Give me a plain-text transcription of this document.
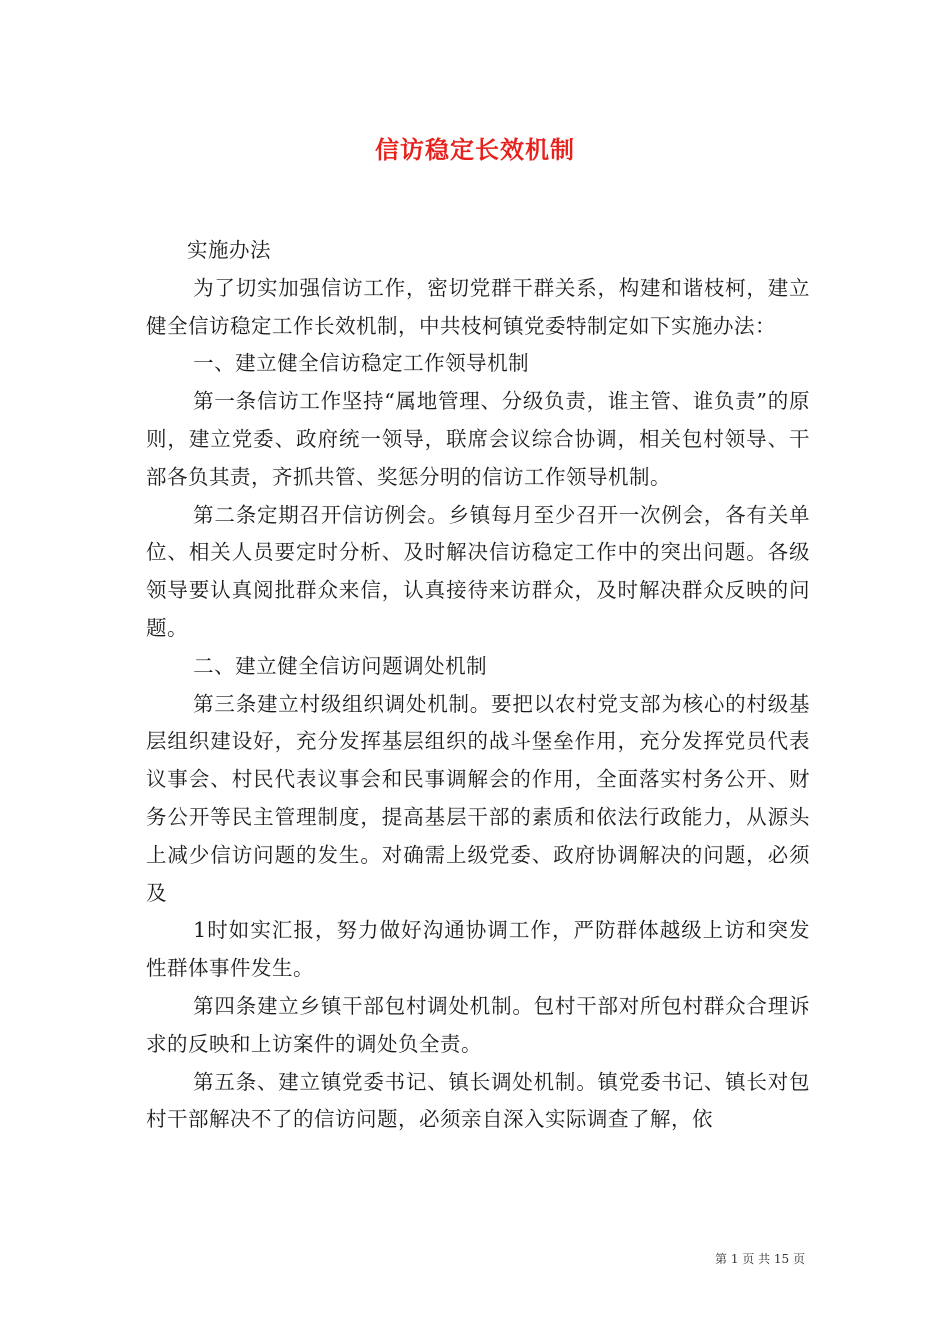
信访稳定长效机制

实施办法

为了切实加强信访工作，密切党群干群关系，构建和谐枝柯，建立健全信访稳定工作长效机制，中共枝柯镇党委特制定如下实施办法：

一、建立健全信访稳定工作领导机制

第一条信访工作坚持“属地管理、分级负责，谁主管、谁负责”的原则，建立党委、政府统一领导，联席会议综合协调，相关包村领导、干部各负其责，齐抓共管、奖惩分明的信访工作领导机制。

第二条定期召开信访例会。乡镇每月至少召开一次例会，各有关单位、相关人员要定时分析、及时解决信访稳定工作中的突出问题。各级领导要认真阅批群众来信，认真接待来访群众，及时解决群众反映的问题。

二、建立健全信访问题调处机制

第三条建立村级组织调处机制。要把以农村党支部为核心的村级基层组织建设好，充分发挥基层组织的战斗堡垒作用，充分发挥党员代表议事会、村民代表议事会和民事调解会的作用，全面落实村务公开、财务公开等民主管理制度，提高基层干部的素质和依法行政能力，从源头上减少信访问题的发生。对确需上级党委、政府协调解决的问题，必须及

1时如实汇报，努力做好沟通协调工作，严防群体越级上访和突发性群体事件发生。

第四条建立乡镇干部包村调处机制。包村干部对所包村群众合理诉求的反映和上访案件的调处负全责。

第五条、建立镇党委书记、镇长调处机制。镇党委书记、镇长对包村干部解决不了的信访问题，必须亲自深入实际调查了解，依

第 1 页 共 15 页
